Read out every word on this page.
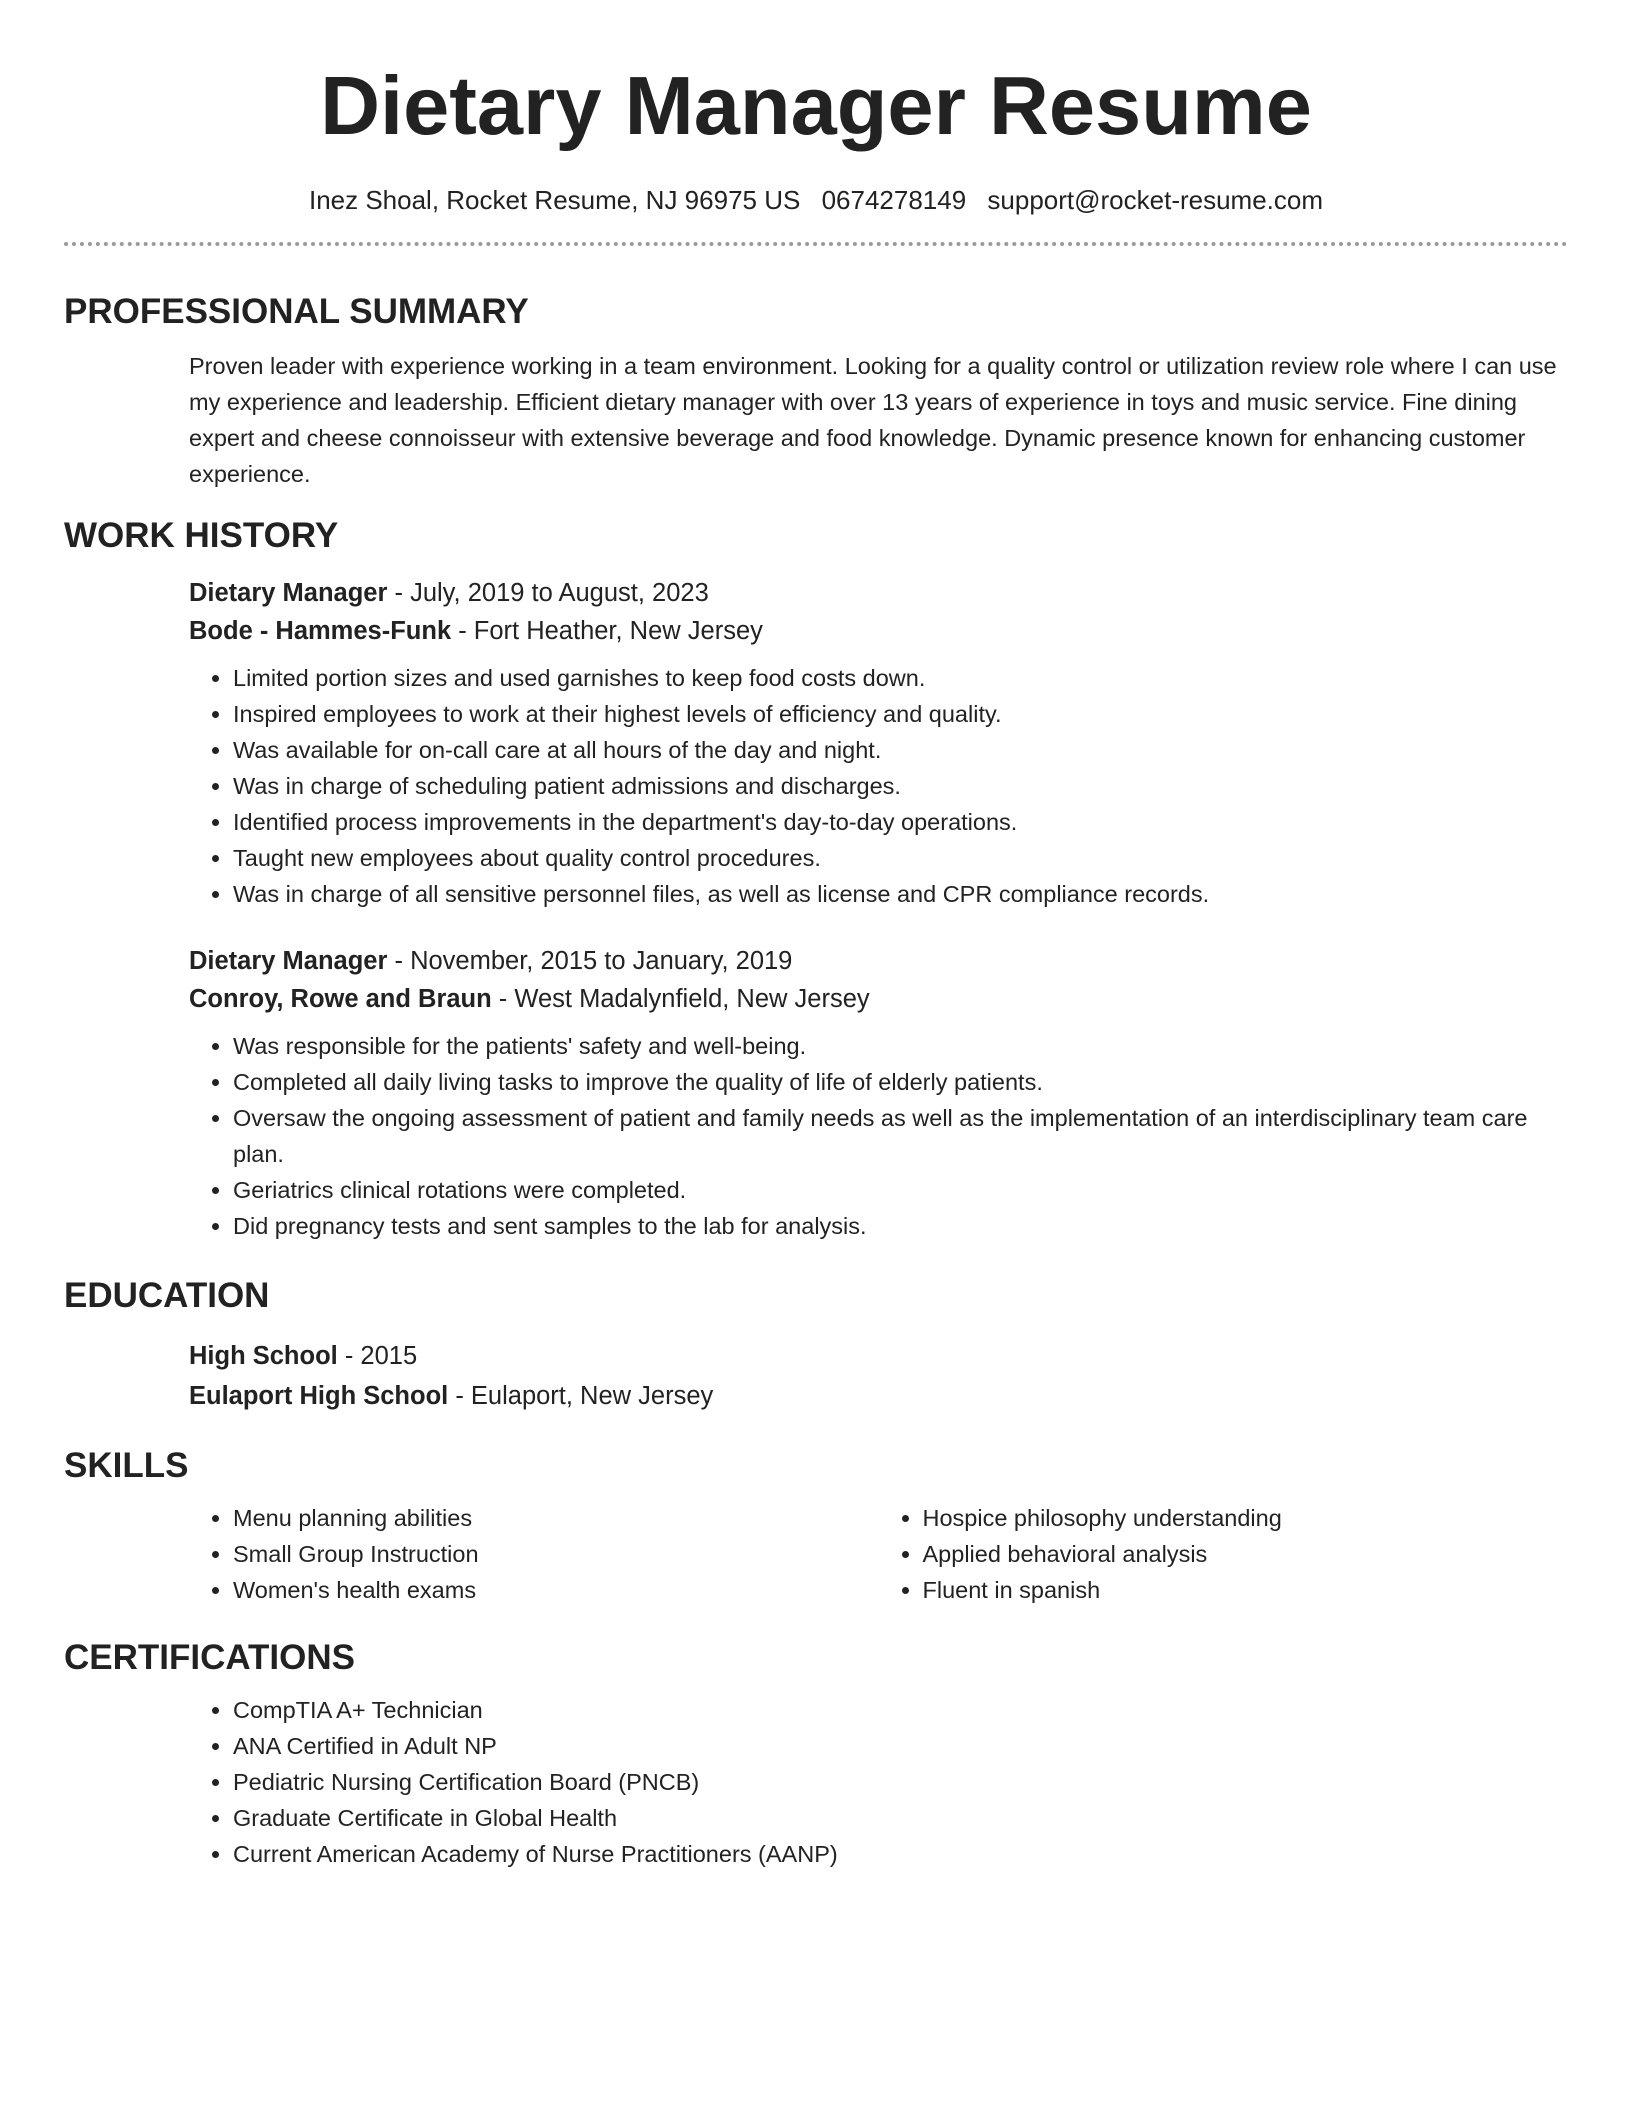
Dietary Manager Resume
Inez Shoal, Rocket Resume, NJ 96975 US 0674278149 support@rocket-resume.com
PROFESSIONAL SUMMARY

Proven leader with experience working in a team environment. Looking for a quality control or utilization review role where I can use my experience and leadership. Efficient dietary manager with over 13 years of experience in toys and music service. Fine dining expert and cheese connoisseur with extensive beverage and food knowledge. Dynamic presence known for enhancing customer experience.

WORK HISTORY
Dietary Manager - July, 2019 to August, 2023
Bode - Hammes-Funk - Fort Heather, New Jersey
• Limited portion sizes and used garnishes to keep food costs down.
• Inspired employees to work at their highest levels of efficiency and quality.
• Was available for on-call care at all hours of the day and night.
• Was in charge of scheduling patient admissions and discharges.
• Identified process improvements in the department's day-to-day operations.
• Taught new employees about quality control procedures.
• Was in charge of all sensitive personnel files, as well as license and CPR compliance records.
Dietary Manager - November, 2015 to January, 2019
Conroy, Rowe and Braun - West Madalynfield, New Jersey
• Was responsible for the patients' safety and well-being.
• Completed all daily living tasks to improve the quality of life of elderly patients.
• Oversaw the ongoing assessment of patient and family needs as well as the implementation of an interdisciplinary team care plan.
• Geriatrics clinical rotations were completed.
• Did pregnancy tests and sent samples to the lab for analysis.
EDUCATION
High School - 2015
Eulaport High School - Eulaport, New Jersey
SKILLS
• Menu planning abilities
• Small Group Instruction
• Women's health exams
• Hospice philosophy understanding
• Applied behavioral analysis
• Fluent in spanish
CERTIFICATIONS
• CompTIA A+ Technician
• ANA Certified in Adult NP
• Pediatric Nursing Certification Board (PNCB)
• Graduate Certificate in Global Health
• Current American Academy of Nurse Practitioners (AANP)
